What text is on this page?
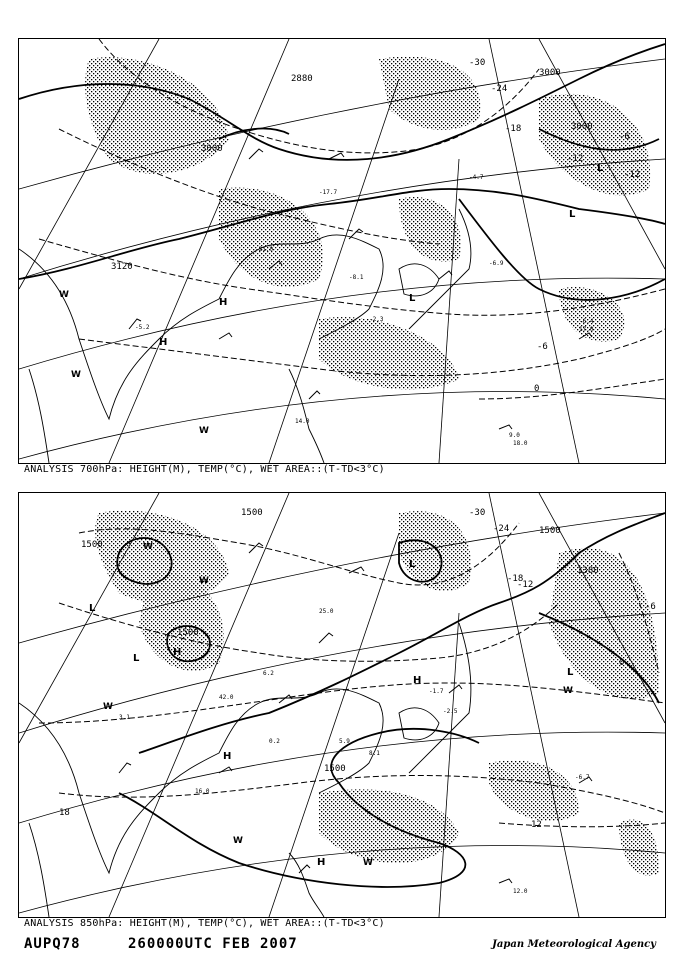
3000
3000
2880
3000
3120
-30
-24
-18
-12
-6
0
-6
-12
L
L
L
H
H
W
W
W
-17.7
-21.0
-8.1
-2.3
-4.7
-6.9
-6.4
-5.2
14.0
18.0
9.0
17.0
ANALYSIS 700hPa: HEIGHT(M), TEMP(°C), WET AREA::(T-TD<3°C)
1500
1500
1500
1500
1500
1380
-30
-24
-18
-12
-6
0
12
18
L
L
L
L
H
H
H
H
W
W
W
W
W
W
25.0
6.2
42.0
16.0
3.1
0.2
-1.7
8.1
-2.5
-6.7
12.0
5.9
ANALYSIS 850hPa: HEIGHT(M), TEMP(°C), WET AREA::(T-TD<3°C)
AUPQ78	260000UTC FEB 2007	Japan Meteorological Agency
